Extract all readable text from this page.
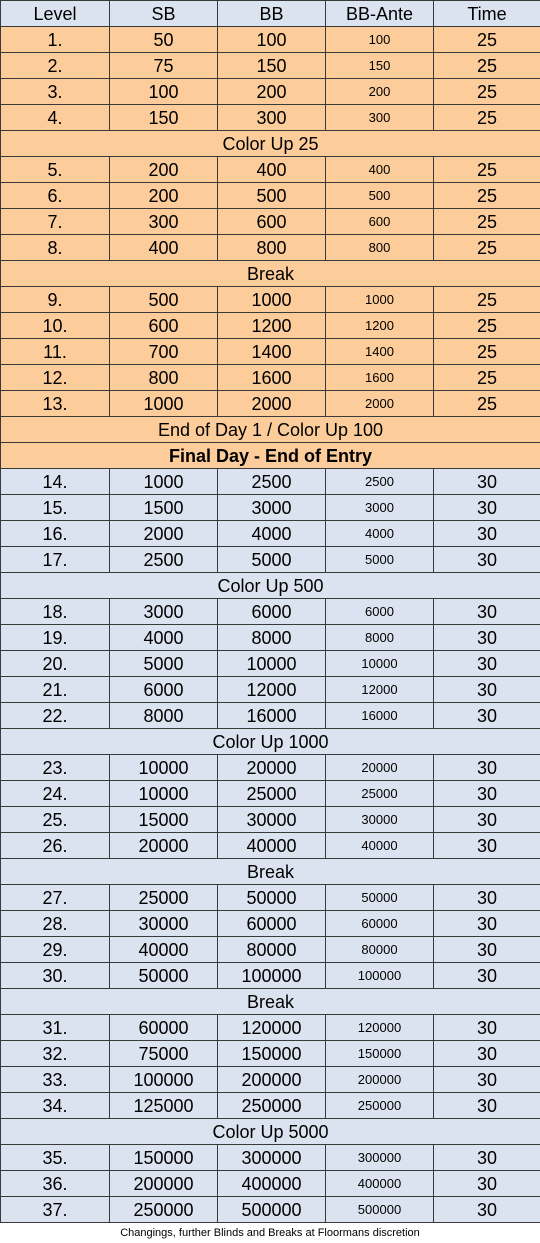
Level	SB	BB	BB-Ante	Time
1.	50	100	100	25
2.	75	150	150	25
3.	100	200	200	25
4.	150	300	300	25
Color Up 25				
5.	200	400	400	25
6.	200	500	500	25
7.	300	600	600	25
8.	400	800	800	25
Break				
9.	500	1000	1000	25
10.	600	1200	1200	25
11.	700	1400	1400	25
12.	800	1600	1600	25
13.	1000	2000	2000	25
End of Day 1 / Color Up 100				
Final Day - End of Entry				
14.	1000	2500	2500	30
15.	1500	3000	3000	30
16.	2000	4000	4000	30
17.	2500	5000	5000	30
Color Up 500				
18.	3000	6000	6000	30
19.	4000	8000	8000	30
20.	5000	10000	10000	30
21.	6000	12000	12000	30
22.	8000	16000	16000	30
Color Up 1000				
23.	10000	20000	20000	30
24.	10000	25000	25000	30
25.	15000	30000	30000	30
26.	20000	40000	40000	30
Break				
27.	25000	50000	50000	30
28.	30000	60000	60000	30
29.	40000	80000	80000	30
30.	50000	100000	100000	30
Break				
31.	60000	120000	120000	30
32.	75000	150000	150000	30
33.	100000	200000	200000	30
34.	125000	250000	250000	30
Color Up 5000				
35.	150000	300000	300000	30
36.	200000	400000	400000	30
37.	250000	500000	500000	30
Changings, further Blinds and Breaks at Floormans discretion
